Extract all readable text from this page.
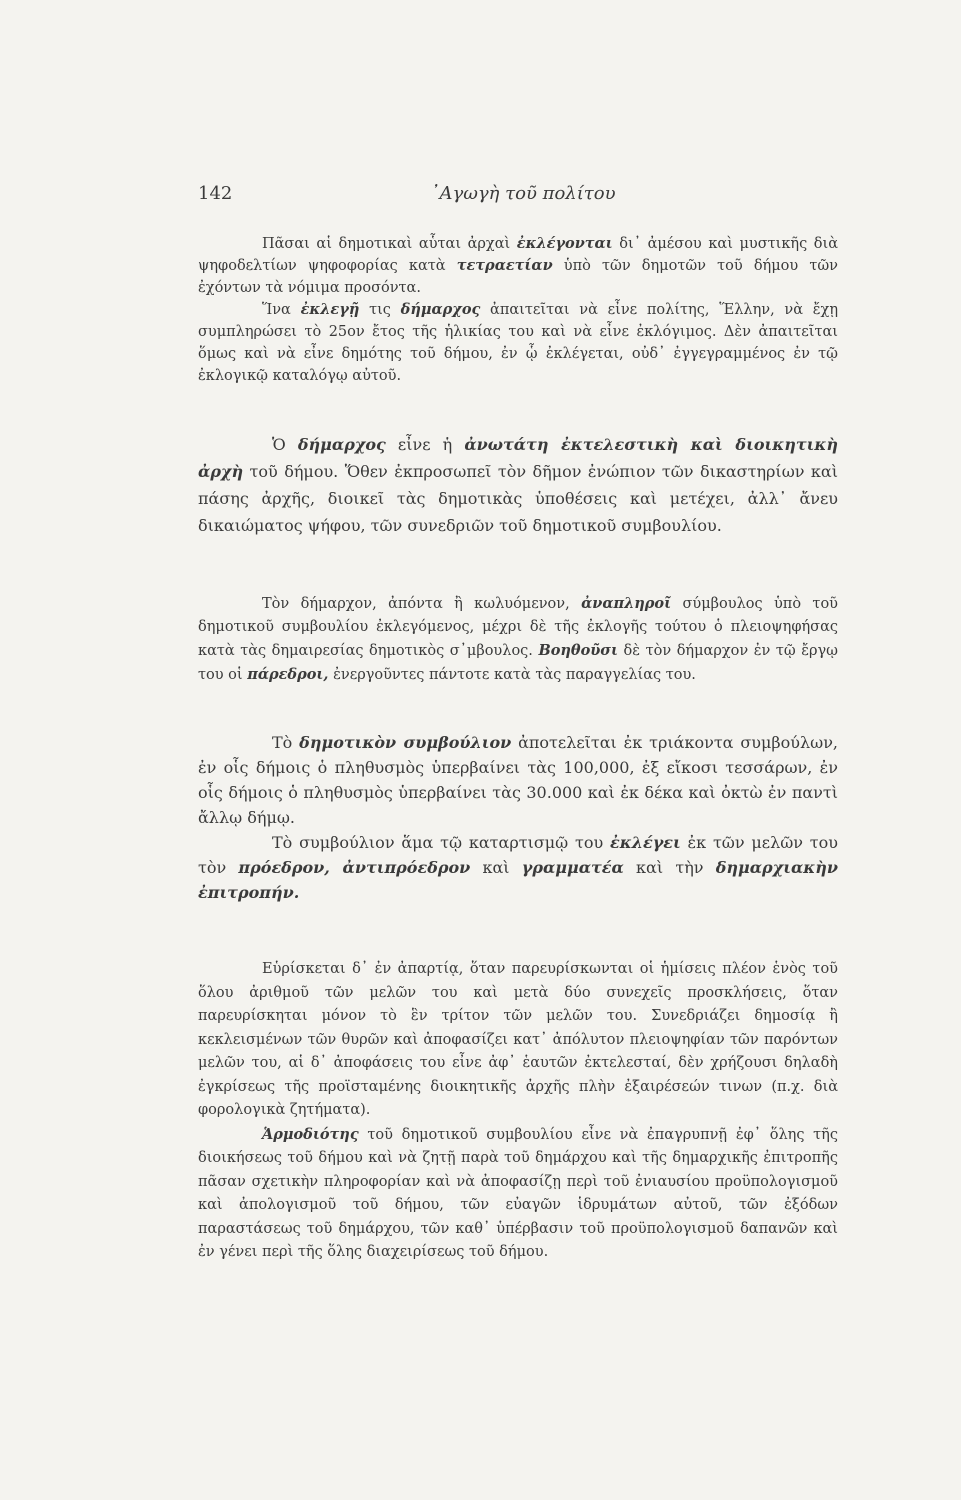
142	᾿Αγωγὴ τοῦ πολίτου

Πᾶσαι αἱ δημοτικαὶ αὗται ἀρχαὶ ἐκλέγονται δι᾽ ἀμέσου καὶ μυστικῆς διὰ ψηφοδελτίων ψηφοφορίας κατὰ τετραετίαν ὑπὸ τῶν δημοτῶν τοῦ δήμου τῶν ἐχόντων τὰ νόμιμα προσόντα.

Ἵνα ἐκλεγῇ τις δήμαρχος ἀπαιτεῖται νὰ εἶνε πολίτης, Ἕλλην, νὰ ἔχῃ συμπληρώσει τὸ 25ον ἔτος τῆς ἡλικίας του καὶ νὰ εἶνε ἐκλόγιμος. Δὲν ἀπαιτεῖται ὅμως καὶ νὰ εἶνε δημότης τοῦ δήμου, ἐν ᾧ ἐκλέγεται, οὐδ᾽ ἐγγεγραμμένος ἐν τῷ ἐκλογικῷ καταλόγῳ αὐτοῦ.

Ὁ δήμαρχος εἶνε ἡ ἀνωτάτη ἐκτελεστικὴ καὶ διοικητικὴ ἀρχὴ τοῦ δήμου. Ὅθεν ἐκπροσωπεῖ τὸν δῆμον ἐνώπιον τῶν δικαστηρίων καὶ πάσης ἀρχῆς, διοικεῖ τὰς δημοτικὰς ὑποθέσεις καὶ μετέχει, ἀλλ᾽ ἄνευ δικαιώματος ψήφου, τῶν συνεδριῶν τοῦ δημοτικοῦ συμβουλίου.

Τὸν δήμαρχον, ἀπόντα ἢ κωλυόμενον, ἀναπληροῖ σύμβουλος ὑπὸ τοῦ δημοτικοῦ συμβουλίου ἐκλεγόμενος, μέχρι δὲ τῆς ἐκλογῆς τούτου ὁ πλειοψηφήσας κατὰ τὰς δημαιρεσίας δημοτικὸς σ᾿μβουλος. Βοηθοῦσι δὲ τὸν δήμαρχον ἐν τῷ ἔργῳ του οἱ πάρεδροι, ἐνεργοῦντες πάντοτε κατὰ τὰς παραγγελίας του.

Τὸ δημοτικὸν συμβούλιον ἀποτελεῖται ἐκ τριάκοντα συμβούλων, ἐν οἷς δήμοις ὁ πληθυσμὸς ὑπερβαίνει τὰς 100,000, ἐξ εἴκοσι τεσσάρων, ἐν οἷς δήμοις ὁ πληθυσμὸς ὑπερβαίνει τὰς 30.000 καὶ ἐκ δέκα καὶ ὀκτὼ ἐν παντὶ ἄλλῳ δήμῳ.

Τὸ συμβούλιον ἅμα τῷ καταρτισμῷ του ἐκλέγει ἐκ τῶν μελῶν του τὸν πρόεδρον, ἀντιπρόεδρον καὶ γραμματέα καὶ τὴν δημαρχιακὴν ἐπιτροπήν.

Εὑρίσκεται δ᾽ ἐν ἀπαρτίᾳ, ὅταν παρευρίσκωνται οἱ ἡμίσεις πλέον ἑνὸς τοῦ ὅλου ἀριθμοῦ τῶν μελῶν του καὶ μετὰ δύο συνεχεῖς προσκλήσεις, ὅταν παρευρίσκηται μόνον τὸ ἓν τρίτον τῶν μελῶν του. Συνεδριάζει δημοσίᾳ ἢ κεκλεισμένων τῶν θυρῶν καὶ ἀποφασίζει κατ᾽ ἀπόλυτον πλειοψηφίαν τῶν παρόντων μελῶν του, αἱ δ᾽ ἀποφάσεις του εἶνε ἀφ᾽ ἑαυτῶν ἐκτελεσταί, δὲν χρήζουσι δηλαδὴ ἐγκρίσεως τῆς προϊσταμένης διοικητικῆς ἀρχῆς πλὴν ἐξαιρέσεών τινων (π.χ. διὰ φορολογικὰ ζητήματα).

Ἁρμοδιότης τοῦ δημοτικοῦ συμβουλίου εἶνε νὰ ἐπαγρυπνῇ ἐφ᾽ ὅλης τῆς διοικήσεως τοῦ δήμου καὶ νὰ ζητῇ παρὰ τοῦ δημάρχου καὶ τῆς δημαρχικῆς ἐπιτροπῆς πᾶσαν σχετικὴν πληροφορίαν καὶ νὰ ἀποφασίζῃ περὶ τοῦ ἐνιαυσίου προϋπολογισμοῦ καὶ ἀπολογισμοῦ τοῦ δήμου, τῶν εὐαγῶν ἱδρυμάτων αὐτοῦ, τῶν ἐξόδων παραστάσεως τοῦ δημάρχου, τῶν καθ᾽ ὑπέρβασιν τοῦ προϋπολογισμοῦ δαπανῶν καὶ ἐν γένει περὶ τῆς ὅλης διαχειρίσεως τοῦ δήμου.
